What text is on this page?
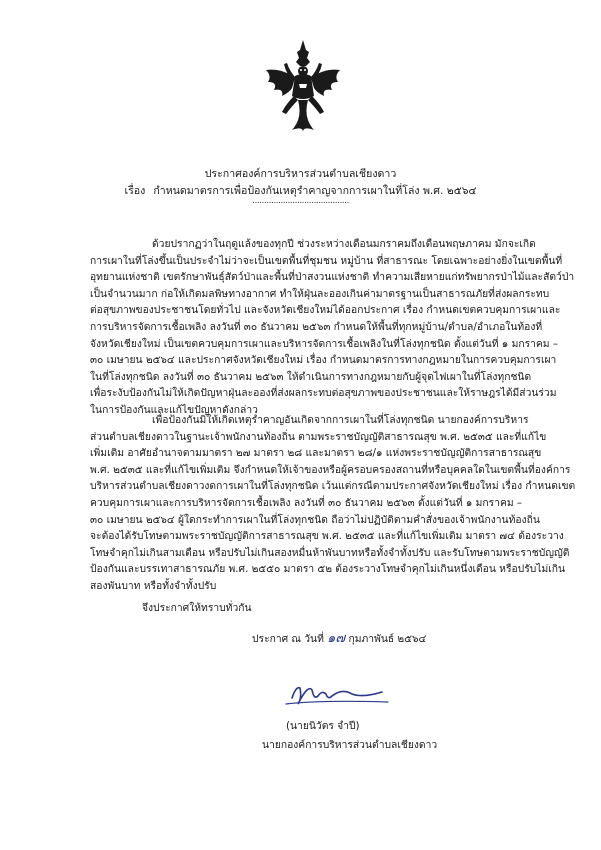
ประกาศองค์การบริหารส่วนตำบลเชียงดาว
เรื่อง กำหนดมาตรการเพื่อป้องกันเหตุรำคาญจากการเผาในที่โล่ง พ.ศ. ๒๕๖๔
.........................................
ด้วยปรากฏว่าในฤดูแล้งของทุกปี ช่วงระหว่างเดือนมกราคมถึงเดือนพฤษภาคม มักจะเกิด
การเผาในที่โล่งขึ้นเป็นประจำไม่ว่าจะเป็นเขตพื้นที่ชุมชน หมู่บ้าน ที่สาธารณะ โดยเฉพาะอย่างยิ่งในเขตพื้นที่
อุทยานแห่งชาติ เขตรักษาพันธุ์สัตว์ป่าและพื้นที่ป่าสงวนแห่งชาติ ทำความเสียหายแก่ทรัพยากรป่าไม้และสัตว์ป่า
เป็นจำนวนมาก ก่อให้เกิดมลพิษทางอากาศ ทำให้ฝุ่นละอองเกินค่ามาตรฐานเป็นสาธารณภัยที่ส่งผลกระทบ
ต่อสุขภาพของประชาชนโดยทั่วไป และจังหวัดเชียงใหม่ได้ออกประกาศ เรื่อง กำหนดเขตควบคุมการเผาและ
การบริหารจัดการเชื้อเพลิง ลงวันที่ ๓๐ ธันวาคม ๒๕๖๓ กำหนดให้พื้นที่ทุกหมู่บ้าน/ตำบล/อำเภอในท้องที่
จังหวัดเชียงใหม่ เป็นเขตควบคุมการเผาและบริหารจัดการเชื้อเพลิงในที่โล่งทุกชนิด ตั้งแต่วันที่ ๑ มกราคม –
๓๐ เมษายน ๒๕๖๔ และประกาศจังหวัดเชียงใหม่ เรื่อง กำหนดมาตรการทางกฎหมายในการควบคุมการเผา
ในที่โล่งทุกชนิด ลงวันที่ ๓๐ ธันวาคม ๒๕๖๓ ให้ดำเนินการทางกฎหมายกับผู้จุดไฟเผาในที่โล่งทุกชนิด
เพื่อระงับป้องกันไม่ให้เกิดปัญหาฝุ่นละอองที่ส่งผลกระทบต่อสุขภาพของประชาชนและให้ราษฎรได้มีส่วนร่วม
ในการป้องกันและแก้ไขปัญหาดังกล่าว
เพื่อป้องกันมิให้เกิดเหตุรำคาญอันเกิดจากการเผาในที่โล่งทุกชนิด นายกองค์การบริหาร
ส่วนตำบลเชียงดาวในฐานะเจ้าพนักงานท้องถิ่น ตามพระราชบัญญัติสาธารณสุข พ.ศ. ๒๕๓๕ และที่แก้ไข
เพิ่มเติม อาศัยอำนาจตามมาตรา ๒๗ มาตรา ๒๘ และมาตรา ๒๘/๑ แห่งพระราชบัญญัติการสาธารณสุข
พ.ศ. ๒๕๓๕ และที่แก้ไขเพิ่มเติม จึงกำหนดให้เจ้าของหรือผู้ครอบครองสถานที่หรือบุคคลใดในเขตพื้นที่องค์การ
บริหารส่วนตำบลเชียงดาวงดการเผาในที่โล่งทุกชนิด เว้นแต่กรณีตามประกาศจังหวัดเชียงใหม่ เรื่อง กำหนดเขต
ควบคุมการเผาและการบริหารจัดการเชื้อเพลิง ลงวันที่ ๓๐ ธันวาคม ๒๕๖๓ ตั้งแต่วันที่ ๑ มกราคม –
๓๐ เมษายน ๒๕๖๔ ผู้ใดกระทำการเผาในที่โล่งทุกชนิด ถือว่าไม่ปฏิบัติตามคำสั่งของเจ้าพนักงานท้องถิ่น
จะต้องได้รับโทษตามพระราชบัญญัติการสาธารณสุข พ.ศ. ๒๕๓๕ และที่แก้ไขเพิ่มเติม มาตรา ๗๔ ต้องระวาง
โทษจำคุกไม่เกินสามเดือน หรือปรับไม่เกินสองหมื่นห้าพันบาทหรือทั้งจำทั้งปรับ และรับโทษตามพระราชบัญญัติ
ป้องกันและบรรเทาสาธารณภัย พ.ศ. ๒๕๕๐ มาตรา ๕๒ ต้องระวางโทษจำคุกไม่เกินหนึ่งเดือน หรือปรับไม่เกิน
สองพันบาท หรือทั้งจำทั้งปรับ
จึงประกาศให้ทราบทั่วกัน
ประกาศ ณ วันที่ ๑๗ กุมภาพันธ์ ๒๕๖๔
(นายนิวัตร จำปี)
นายกองค์การบริหารส่วนตำบลเชียงดาว
